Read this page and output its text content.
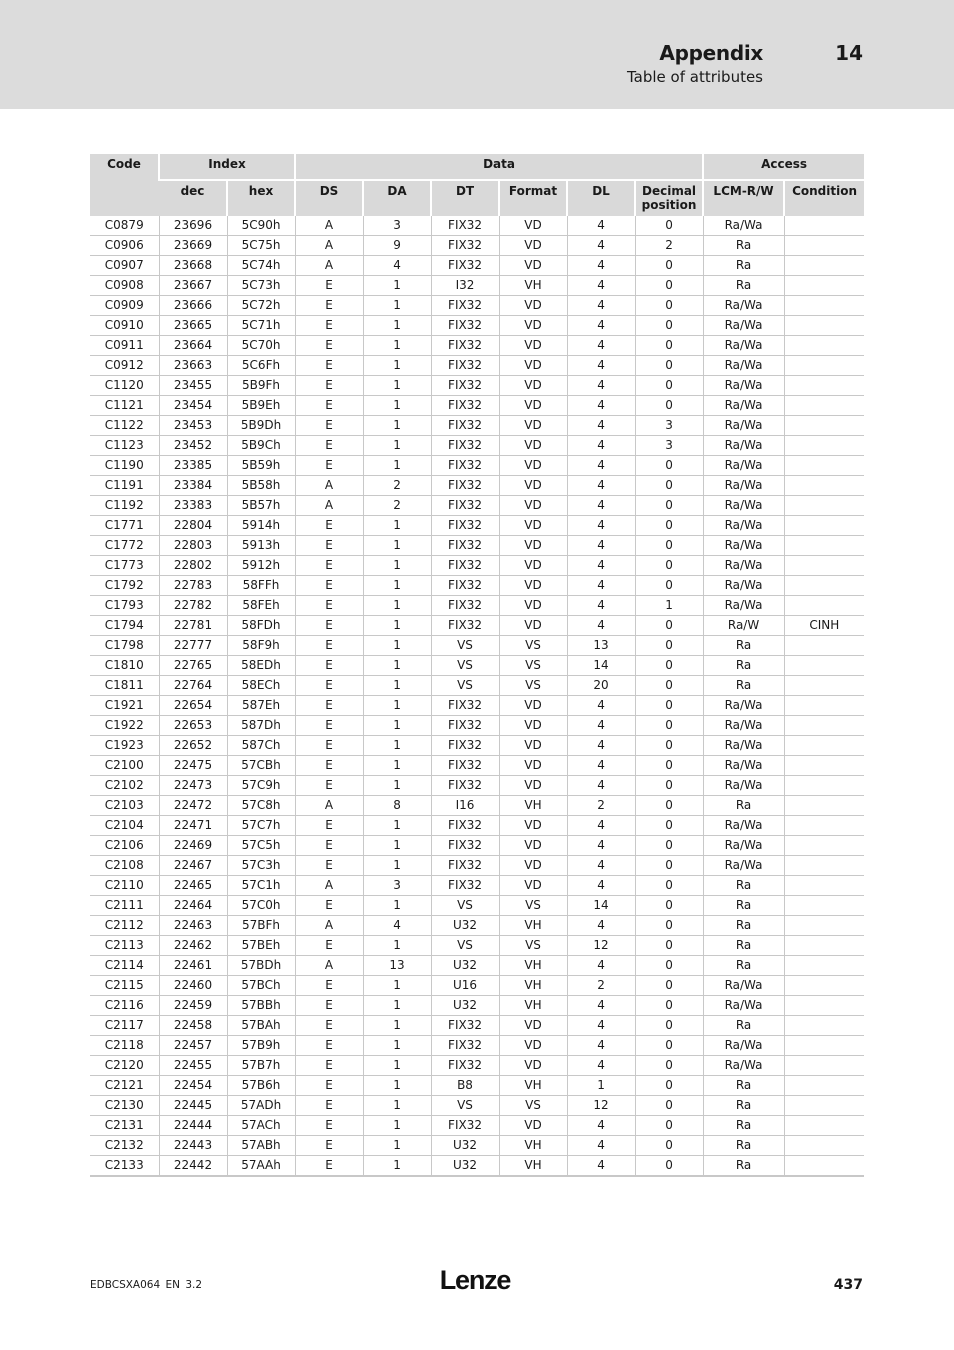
Appendix	14
Table of attributes
Code	Index		Data						Access	
	dec	hex	DS	DA	DT	Format	DL	Decimal position	LCM-R/W	Condition
C0879	23696	5C90h	A	3	FIX32	VD	4	0	Ra/Wa	
C0906	23669	5C75h	A	9	FIX32	VD	4	2	Ra	
C0907	23668	5C74h	A	4	FIX32	VD	4	0	Ra	
C0908	23667	5C73h	E	1	I32	VH	4	0	Ra	
C0909	23666	5C72h	E	1	FIX32	VD	4	0	Ra/Wa	
C0910	23665	5C71h	E	1	FIX32	VD	4	0	Ra/Wa	
C0911	23664	5C70h	E	1	FIX32	VD	4	0	Ra/Wa	
C0912	23663	5C6Fh	E	1	FIX32	VD	4	0	Ra/Wa	
C1120	23455	5B9Fh	E	1	FIX32	VD	4	0	Ra/Wa	
C1121	23454	5B9Eh	E	1	FIX32	VD	4	0	Ra/Wa	
C1122	23453	5B9Dh	E	1	FIX32	VD	4	3	Ra/Wa	
C1123	23452	5B9Ch	E	1	FIX32	VD	4	3	Ra/Wa	
C1190	23385	5B59h	E	1	FIX32	VD	4	0	Ra/Wa	
C1191	23384	5B58h	A	2	FIX32	VD	4	0	Ra/Wa	
C1192	23383	5B57h	A	2	FIX32	VD	4	0	Ra/Wa	
C1771	22804	5914h	E	1	FIX32	VD	4	0	Ra/Wa	
C1772	22803	5913h	E	1	FIX32	VD	4	0	Ra/Wa	
C1773	22802	5912h	E	1	FIX32	VD	4	0	Ra/Wa	
C1792	22783	58FFh	E	1	FIX32	VD	4	0	Ra/Wa	
C1793	22782	58FEh	E	1	FIX32	VD	4	1	Ra/Wa	
C1794	22781	58FDh	E	1	FIX32	VD	4	0	Ra/W	CINH
C1798	22777	58F9h	E	1	VS	VS	13	0	Ra	
C1810	22765	58EDh	E	1	VS	VS	14	0	Ra	
C1811	22764	58ECh	E	1	VS	VS	20	0	Ra	
C1921	22654	587Eh	E	1	FIX32	VD	4	0	Ra/Wa	
C1922	22653	587Dh	E	1	FIX32	VD	4	0	Ra/Wa	
C1923	22652	587Ch	E	1	FIX32	VD	4	0	Ra/Wa	
C2100	22475	57CBh	E	1	FIX32	VD	4	0	Ra/Wa	
C2102	22473	57C9h	E	1	FIX32	VD	4	0	Ra/Wa	
C2103	22472	57C8h	A	8	I16	VH	2	0	Ra	
C2104	22471	57C7h	E	1	FIX32	VD	4	0	Ra/Wa	
C2106	22469	57C5h	E	1	FIX32	VD	4	0	Ra/Wa	
C2108	22467	57C3h	E	1	FIX32	VD	4	0	Ra/Wa	
C2110	22465	57C1h	A	3	FIX32	VD	4	0	Ra	
C2111	22464	57C0h	E	1	VS	VS	14	0	Ra	
C2112	22463	57BFh	A	4	U32	VH	4	0	Ra	
C2113	22462	57BEh	E	1	VS	VS	12	0	Ra	
C2114	22461	57BDh	A	13	U32	VH	4	0	Ra	
C2115	22460	57BCh	E	1	U16	VH	2	0	Ra/Wa	
C2116	22459	57BBh	E	1	U32	VH	4	0	Ra/Wa	
C2117	22458	57BAh	E	1	FIX32	VD	4	0	Ra	
C2118	22457	57B9h	E	1	FIX32	VD	4	0	Ra/Wa	
C2120	22455	57B7h	E	1	FIX32	VD	4	0	Ra/Wa	
C2121	22454	57B6h	E	1	B8	VH	1	0	Ra	
C2130	22445	57ADh	E	1	VS	VS	12	0	Ra	
C2131	22444	57ACh	E	1	FIX32	VD	4	0	Ra	
C2132	22443	57ABh	E	1	U32	VH	4	0	Ra	
C2133	22442	57AAh	E	1	U32	VH	4	0	Ra	
EDBCSXA064 EN 3.2	Lenze	437
